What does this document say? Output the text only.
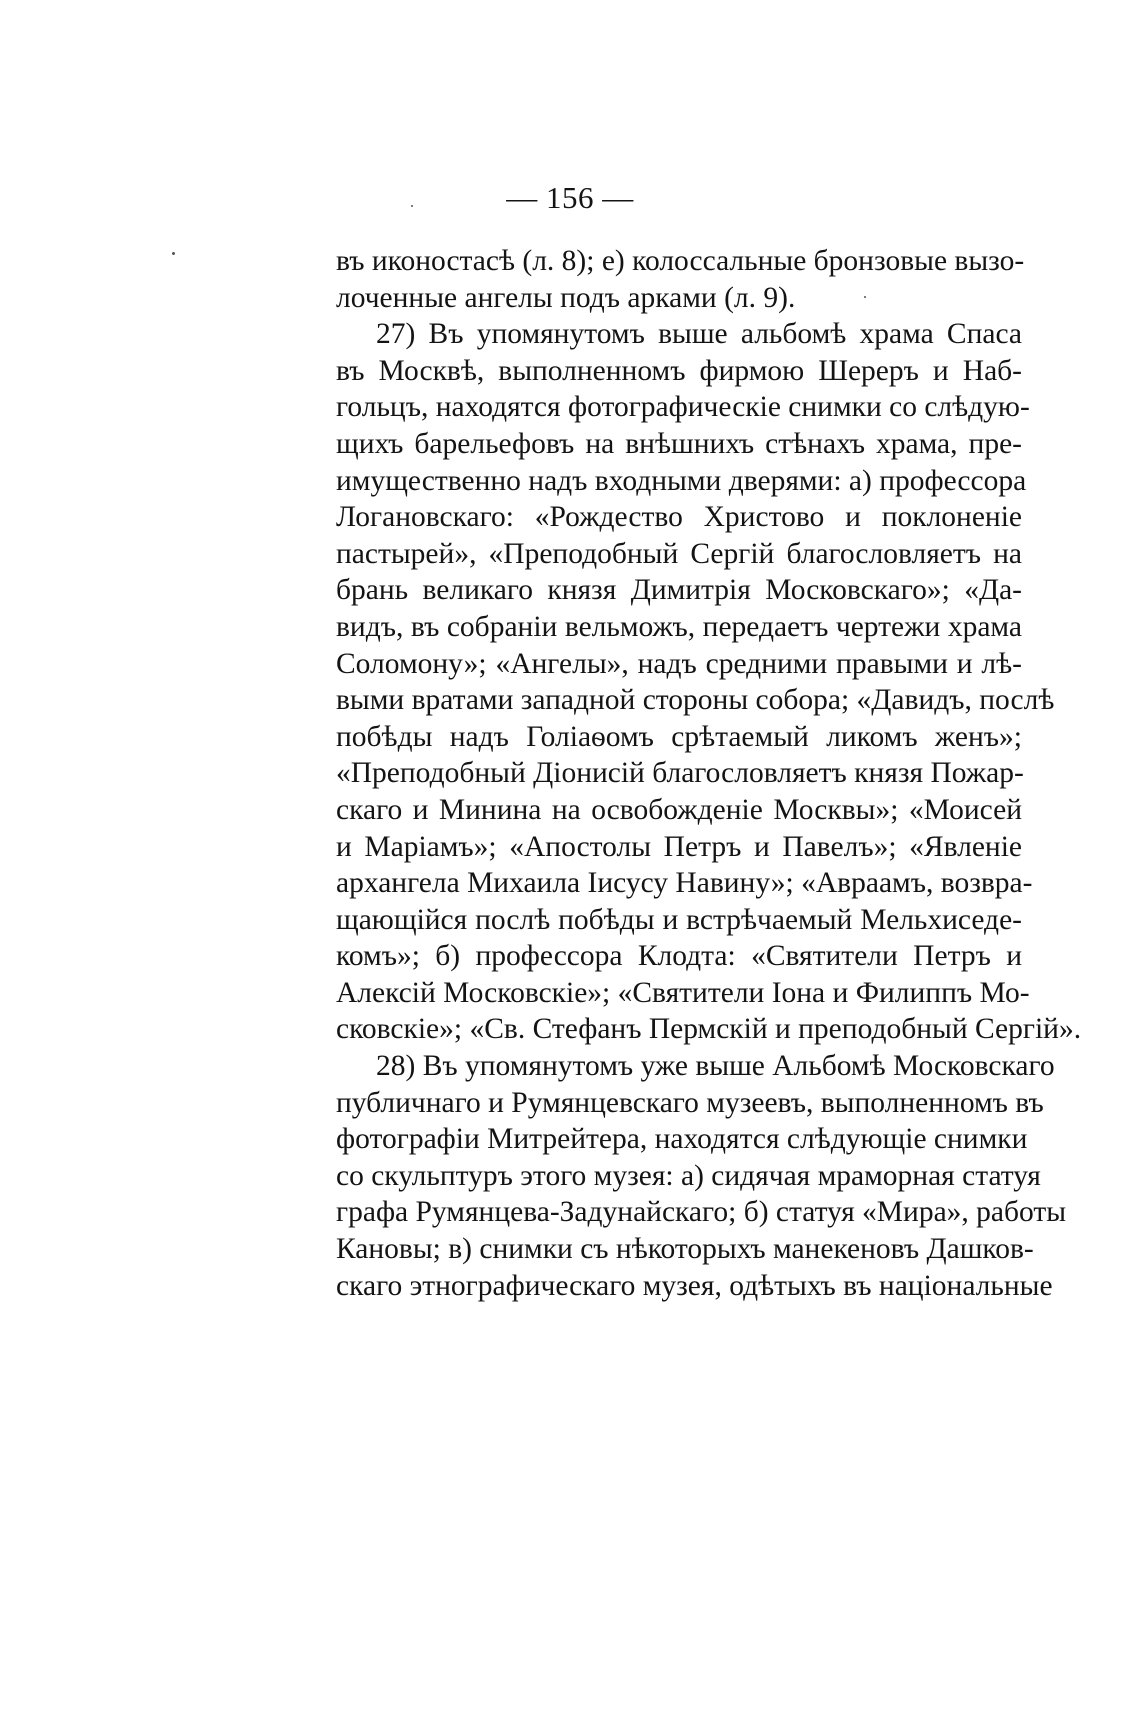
— 156 —
въ иконостасѣ (л. 8); е) колоссальные бронзовые вызо-
лоченные ангелы подъ арками (л. 9).
27) Въ упомянутомъ выше альбомѣ храма Спаса
въ Москвѣ, выполненномъ фирмою Шереръ и Наб-
гольцъ, находятся фотографическіе снимки со слѣдую-
щихъ барельефовъ на внѣшнихъ стѣнахъ храма, пре-
имущественно надъ входными дверями: а) профессора
Логановскаго: «Рождество Христово и поклоненіе
пастырей», «Преподобный Сергій благословляетъ на
брань великаго князя Димитрія Московскаго»; «Да-
видъ, въ собраніи вельможъ, передаетъ чертежи храма
Соломону»; «Ангелы», надъ средними правыми и лѣ-
выми вратами западной стороны собора; «Давидъ, послѣ
побѣды надъ Голіаѳомъ срѣтаемый ликомъ женъ»;
«Преподобный Діонисій благословляетъ князя Пожар-
скаго и Минина на освобожденіе Москвы»; «Моисей
и Маріамъ»; «Апостолы Петръ и Павелъ»; «Явленіе
архангела Михаила Іисусу Навину»; «Авраамъ, возвра-
щающійся послѣ побѣды и встрѣчаемый Мельхиседе-
комъ»; б) профессора Клодта: «Святители Петръ и
Алексій Московскіе»; «Святители Іона и Филиппъ Мо-
сковскіе»; «Св. Стефанъ Пермскій и преподобный Сергій».
28) Въ упомянутомъ уже выше Альбомѣ Московскаго
публичнаго и Румянцевскаго музеевъ, выполненномъ въ
фотографіи Митрейтера, находятся слѣдующіе снимки
со скульптуръ этого музея: а) сидячая мраморная статуя
графа Румянцева-Задунайскаго; б) статуя «Мира», работы
Кановы; в) снимки съ нѣкоторыхъ манекеновъ Дашков-
скаго этнографическаго музея, одѣтыхъ въ національные
